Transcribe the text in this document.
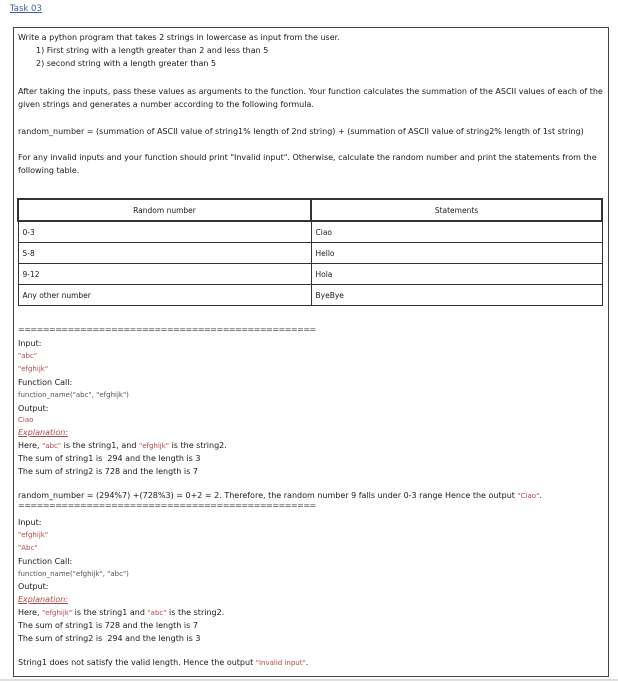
Task 03
Write a python program that takes 2 strings in lowercase as input from the user.
1) First string with a length greater than 2 and less than 5
2) second string with a length greater than 5
After taking the inputs, pass these values as arguments to the function. Your function calculates the summation of the ASCII values of each of the given strings and generates a number according to the following formula.
random_number = (summation of ASCII value of string1% length of 2nd string) + (summation of ASCII value of string2% length of 1st string)
For any invalid inputs and your function should print "Invalid input". Otherwise, calculate the random number and print the statements from the following table.
Random number	Statements
0-3	Ciao
5-8	Hello
9-12	Hola
Any other number	ByeBye
================================================
Input:
"abc"
"efghijk"
Function Call:
function_name("abc", "efghijk")
Output:
Ciao
Explanation:
Here, "abc" is the string1, and "efghijk" is the string2.
The sum of string1 is  294 and the length is 3
The sum of string2 is 728 and the length is 7
random_number = (294%7) +(728%3) = 0+2 = 2. Therefore, the random number 9 falls under 0-3 range Hence the output "Ciao".
================================================
Input:
"efghijk"
"Abc"
Function Call:
function_name("efghijk", "abc")
Output:
Explanation:
Here, "efghijk" is the string1 and "abc" is the string2.
The sum of string1 is 728 and the length is 7
The sum of string2 is  294 and the length is 3
String1 does not satisfy the valid length. Hence the output "Invalid input".
